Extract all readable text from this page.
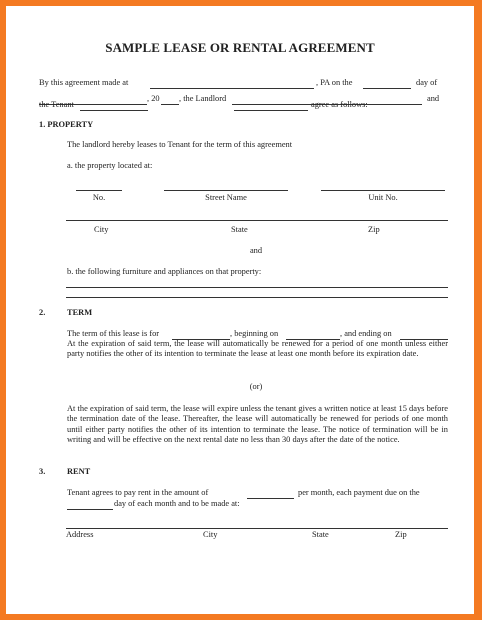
SAMPLE LEASE OR RENTAL AGREEMENT
By this agreement made at	, PA on the	day of
, 20 , the Landlord	and
the Tenant	agree as follows:
1. PROPERTY
The landlord hereby leases to Tenant for the term of this agreement
a. the property located at:
No.	Street Name	Unit No.
City	State	Zip
and
b. the following furniture and appliances on that property:
2.	TERM
The term of this lease is for	, beginning on	, and ending on
At the expiration of said term, the lease will automatically be renewed for a period of one month unless either party notifies the other of its intention to terminate the lease at least one month before its expiration date.
(or)
At the expiration of said term, the lease will expire unless the tenant gives a written notice at least 15 days before the termination date of the lease. Thereafter, the lease will automatically be renewed for periods of one month until either party notifies the other of its intention to terminate the lease. The notice of termination will be in writing and will be effective on the next rental date no less than 30 days after the date of the notice.
3.	RENT
Tenant agrees to pay rent in the amount of	per month, each payment due on the
day of each month and to be made at:
Address	City	State	Zip
